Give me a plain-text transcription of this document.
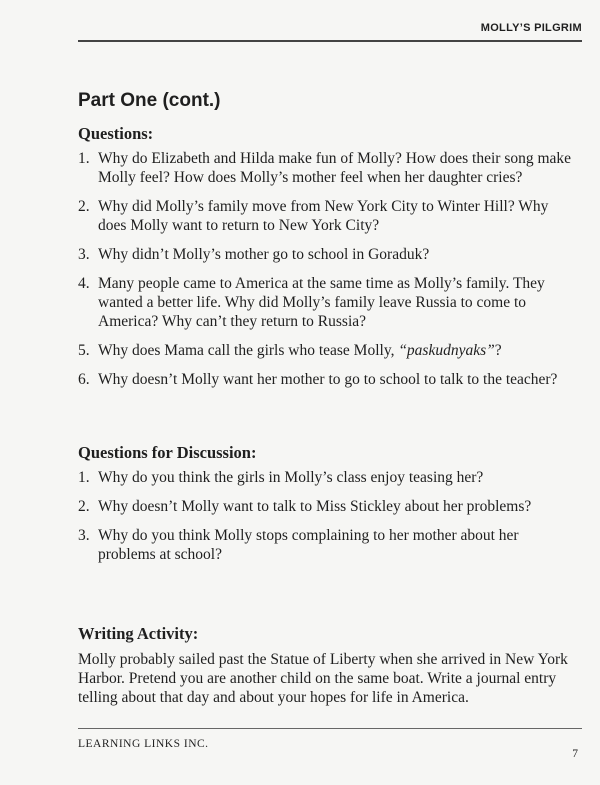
MOLLY’S PILGRIM
Part One (cont.)
Questions:
1. Why do Elizabeth and Hilda make fun of Molly? How does their song make Molly feel? How does Molly’s mother feel when her daughter cries?
2. Why did Molly’s family move from New York City to Winter Hill? Why does Molly want to return to New York City?
3. Why didn’t Molly’s mother go to school in Goraduk?
4. Many people came to America at the same time as Molly’s family. They wanted a better life. Why did Molly’s family leave Russia to come to America? Why can’t they return to Russia?
5. Why does Mama call the girls who tease Molly, “paskudnyaks”?
6. Why doesn’t Molly want her mother to go to school to talk to the teacher?
Questions for Discussion:
1. Why do you think the girls in Molly’s class enjoy teasing her?
2. Why doesn’t Molly want to talk to Miss Stickley about her problems?
3. Why do you think Molly stops complaining to her mother about her problems at school?
Writing Activity:
Molly probably sailed past the Statue of Liberty when she arrived in New York Harbor. Pretend you are another child on the same boat. Write a journal entry telling about that day and about your hopes for life in America.
LEARNING LINKS INC.
7
